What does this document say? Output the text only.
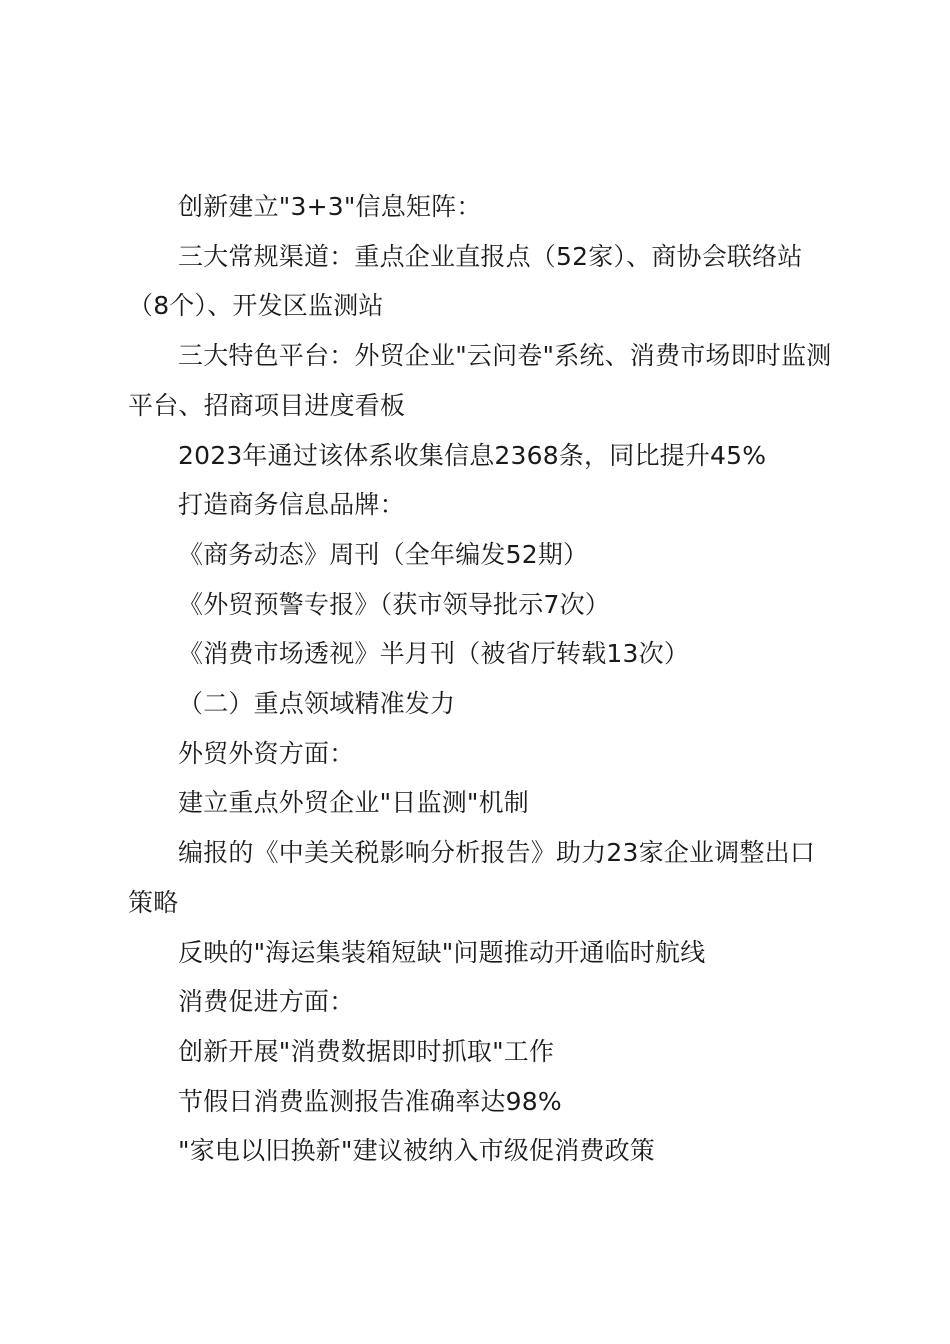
创新建立"3+3"信息矩阵：

三大常规渠道：重点企业直报点（52家）、商协会联络站（8个）、开发区监测站

三大特色平台：外贸企业"云问卷"系统、消费市场即时监测平台、招商项目进度看板

2023年通过该体系收集信息2368条，同比提升45%

打造商务信息品牌：

《商务动态》周刊（全年编发52期）

《外贸预警专报》（获市领导批示7次）

《消费市场透视》半月刊（被省厅转载13次）

（二）重点领域精准发力

外贸外资方面：

建立重点外贸企业"日监测"机制

编报的《中美关税影响分析报告》助力23家企业调整出口策略

反映的"海运集装箱短缺"问题推动开通临时航线

消费促进方面：

创新开展"消费数据即时抓取"工作

节假日消费监测报告准确率达98%

"家电以旧换新"建议被纳入市级促消费政策
